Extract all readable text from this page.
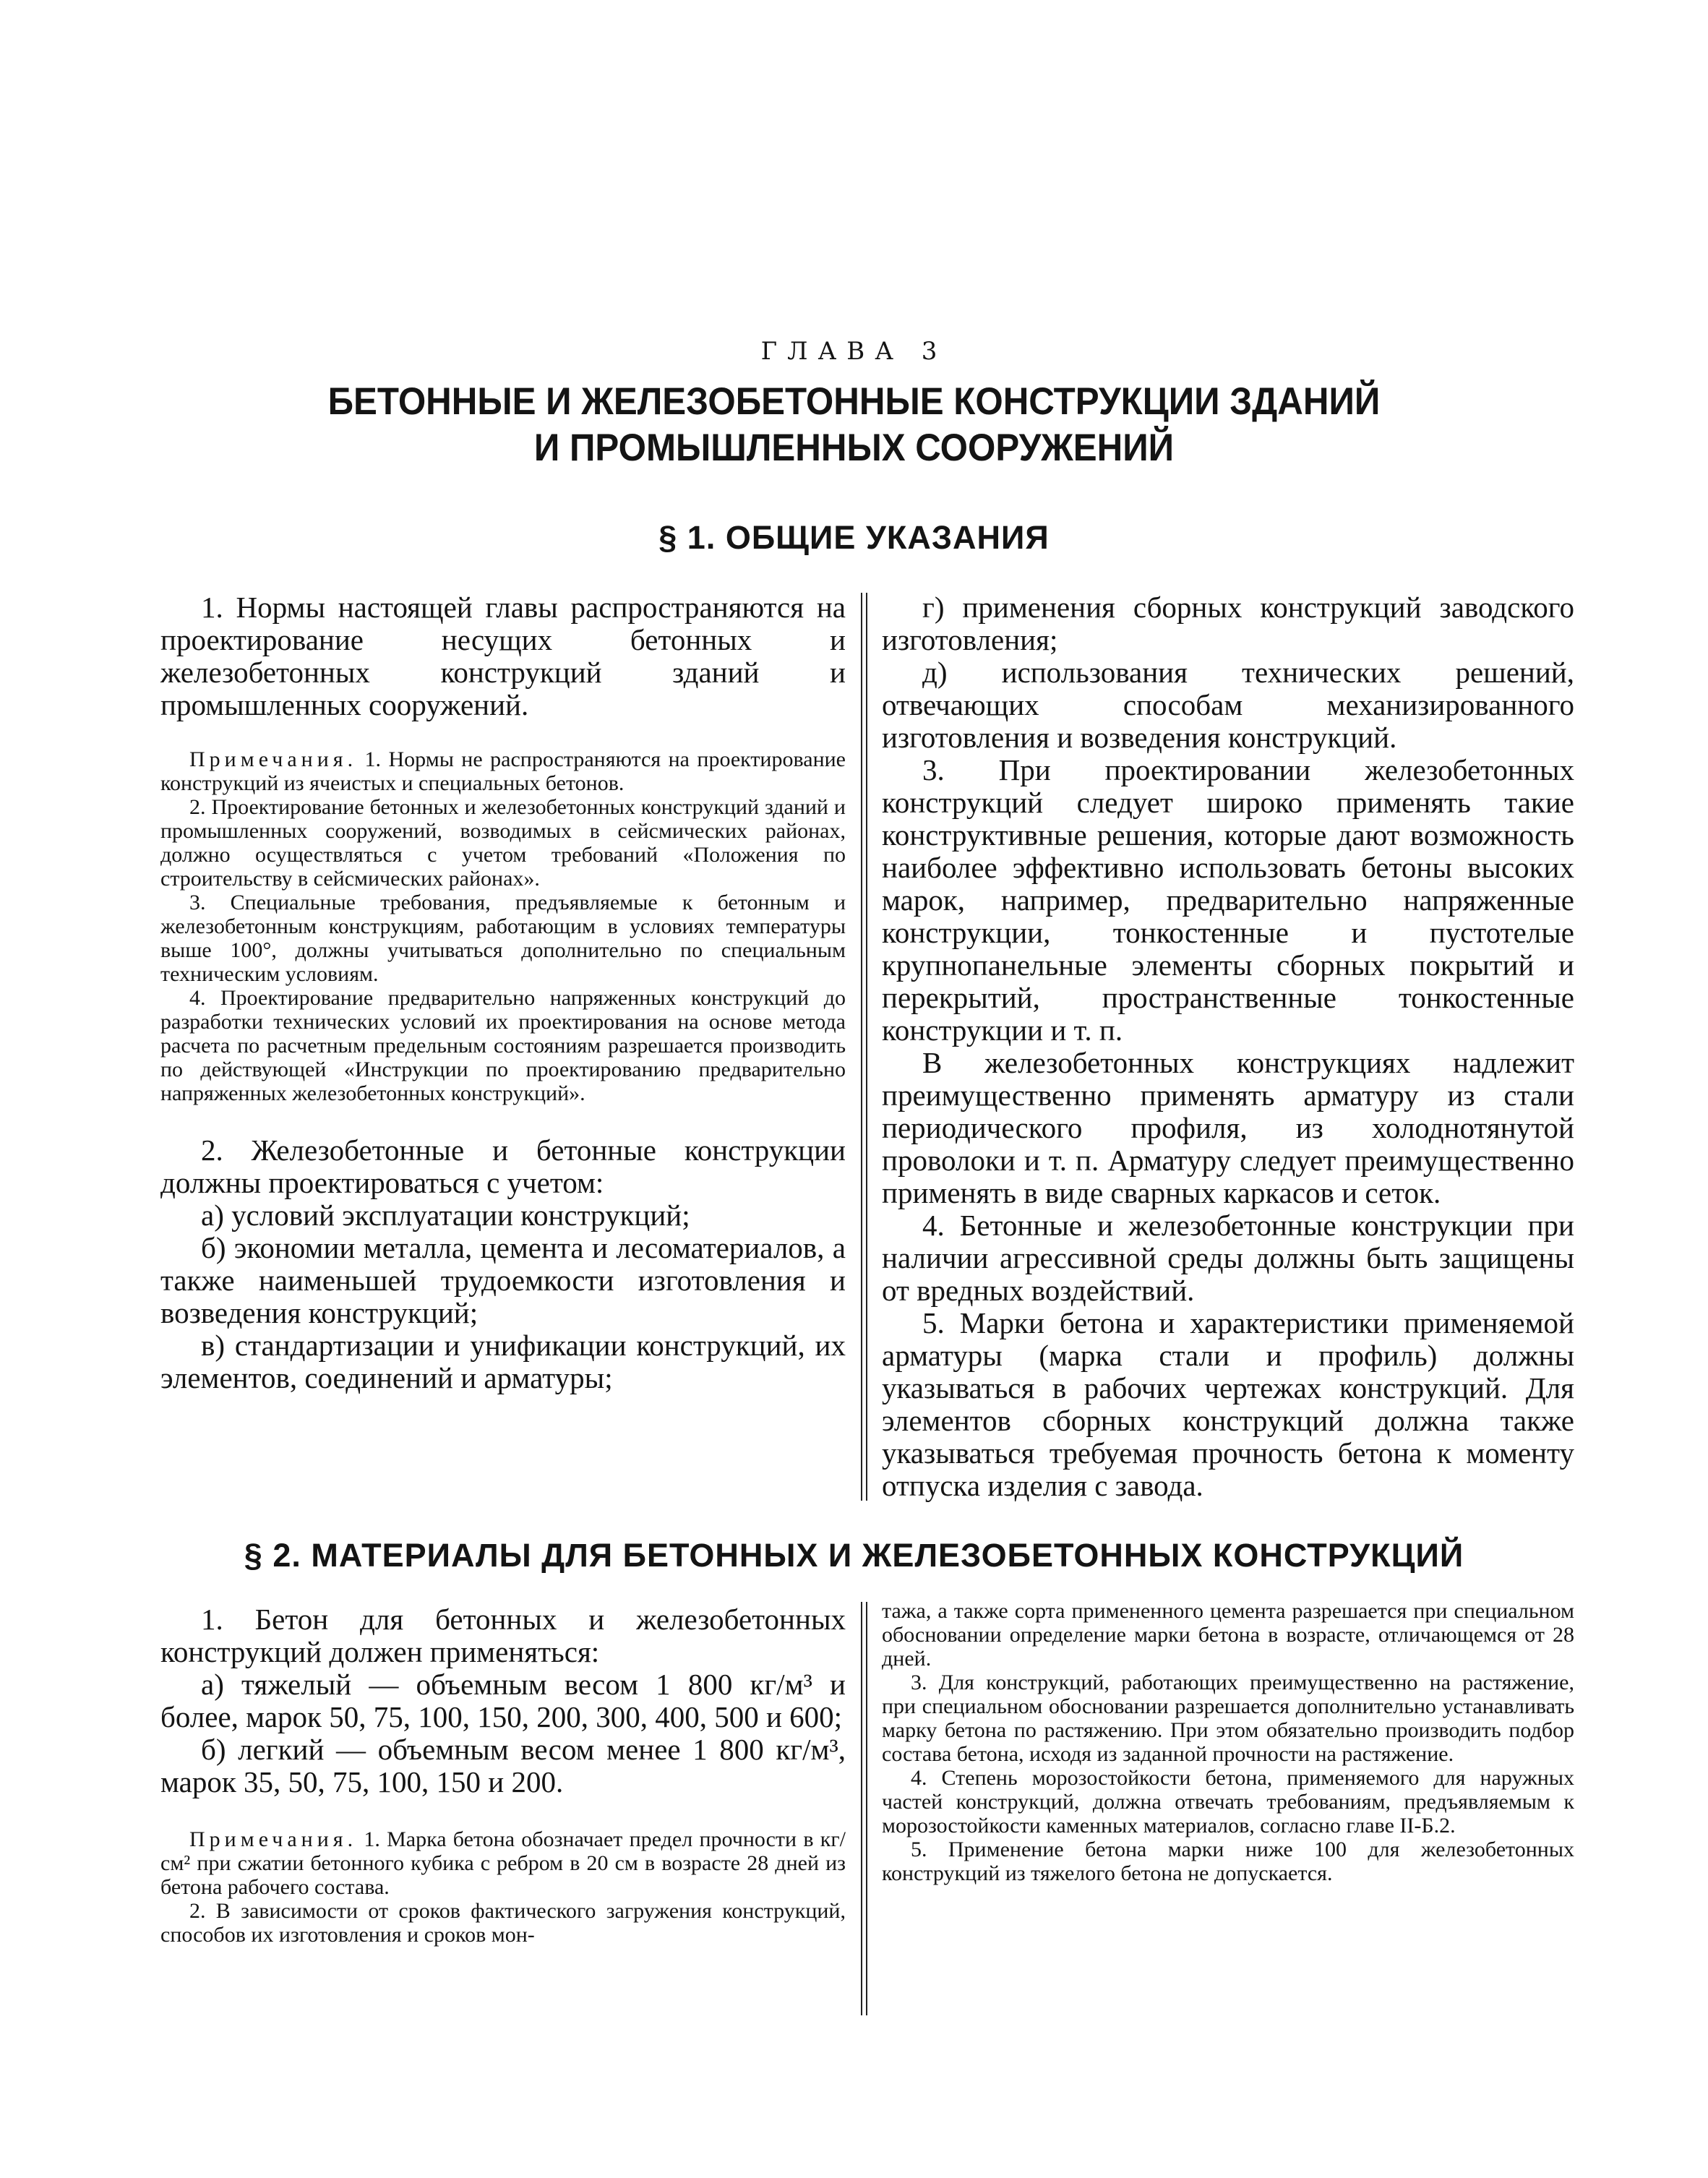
ГЛАВА 3
БЕТОННЫЕ И ЖЕЛЕЗОБЕТОННЫЕ КОНСТРУКЦИИ ЗДАНИЙ
И ПРОМЫШЛЕННЫХ СООРУЖЕНИЙ
§ 1. ОБЩИЕ УКАЗАНИЯ

1. Нормы настоящей главы распространяются на проектирование несущих бетонных и железобетонных конструкций зданий и промышленных сооружений.

Примечания. 1. Нормы не распространяются на проектирование конструкций из ячеистых и специальных бетонов.

2. Проектирование бетонных и железобетонных конструкций зданий и промышленных сооружений, возводимых в сейсмических районах, должно осуществляться с учетом требований «Положения по строительству в сейсмических районах».

3. Специальные требования, предъявляемые к бетонным и железобетонным конструкциям, работающим в условиях температуры выше 100°, должны учитываться дополнительно по специальным техническим условиям.

4. Проектирование предварительно напряженных конструкций до разработки технических условий их проектирования на основе метода расчета по расчетным предельным состояниям разрешается производить по действующей «Инструкции по проектированию предварительно напряженных железобетонных конструкций».

2. Железобетонные и бетонные конструкции должны проектироваться с учетом:

а) условий эксплуатации конструкций;

б) экономии металла, цемента и лесоматериалов, а также наименьшей трудоемкости изготовления и возведения конструкций;

в) стандартизации и унификации конструкций, их элементов, соединений и арматуры;

г) применения сборных конструкций заводского изготовления;

д) использования технических решений, отвечающих способам механизированного изготовления и возведения конструкций.

3. При проектировании железобетонных конструкций следует широко применять такие конструктивные решения, которые дают возможность наиболее эффективно использовать бетоны высоких марок, например, предварительно напряженные конструкции, тонкостенные и пустотелые крупнопанельные элементы сборных покрытий и перекрытий, пространственные тонкостенные конструкции и т. п.

В железобетонных конструкциях надлежит преимущественно применять арматуру из стали периодического профиля, из холоднотянутой проволоки и т. п. Арматуру следует преимущественно применять в виде сварных каркасов и сеток.

4. Бетонные и железобетонные конструкции при наличии агрессивной среды должны быть защищены от вредных воздействий.

5. Марки бетона и характеристики применяемой арматуры (марка стали и профиль) должны указываться в рабочих чертежах конструкций. Для элементов сборных конструкций должна также указываться требуемая прочность бетона к моменту отпуска изделия с завода.

§ 2. МАТЕРИАЛЫ ДЛЯ БЕТОННЫХ И ЖЕЛЕЗОБЕТОННЫХ КОНСТРУКЦИЙ

1. Бетон для бетонных и железобетонных конструкций должен применяться:

а) тяжелый — объемным весом 1 800 кг/м³ и более, марок 50, 75, 100, 150, 200, 300, 400, 500 и 600;

б) легкий — объемным весом менее 1 800 кг/м³, марок 35, 50, 75, 100, 150 и 200.

Примечания. 1. Марка бетона обозначает предел прочности в кг/см² при сжатии бетонного кубика с ребром в 20 см в возрасте 28 дней из бетона рабочего состава.

2. В зависимости от сроков фактического загружения конструкций, способов их изготовления и сроков мон-

тажа, а также сорта примененного цемента разрешается при специальном обосновании определение марки бетона в возрасте, отличающемся от 28 дней.

3. Для конструкций, работающих преимущественно на растяжение, при специальном обосновании разрешается дополнительно устанавливать марку бетона по растяжению. При этом обязательно производить подбор состава бетона, исходя из заданной прочности на растяжение.

4. Степень морозостойкости бетона, применяемого для наружных частей конструкций, должна отвечать требованиям, предъявляемым к морозостойкости каменных материалов, согласно главе II-Б.2.

5. Применение бетона марки ниже 100 для железобетонных конструкций из тяжелого бетона не допускается.
